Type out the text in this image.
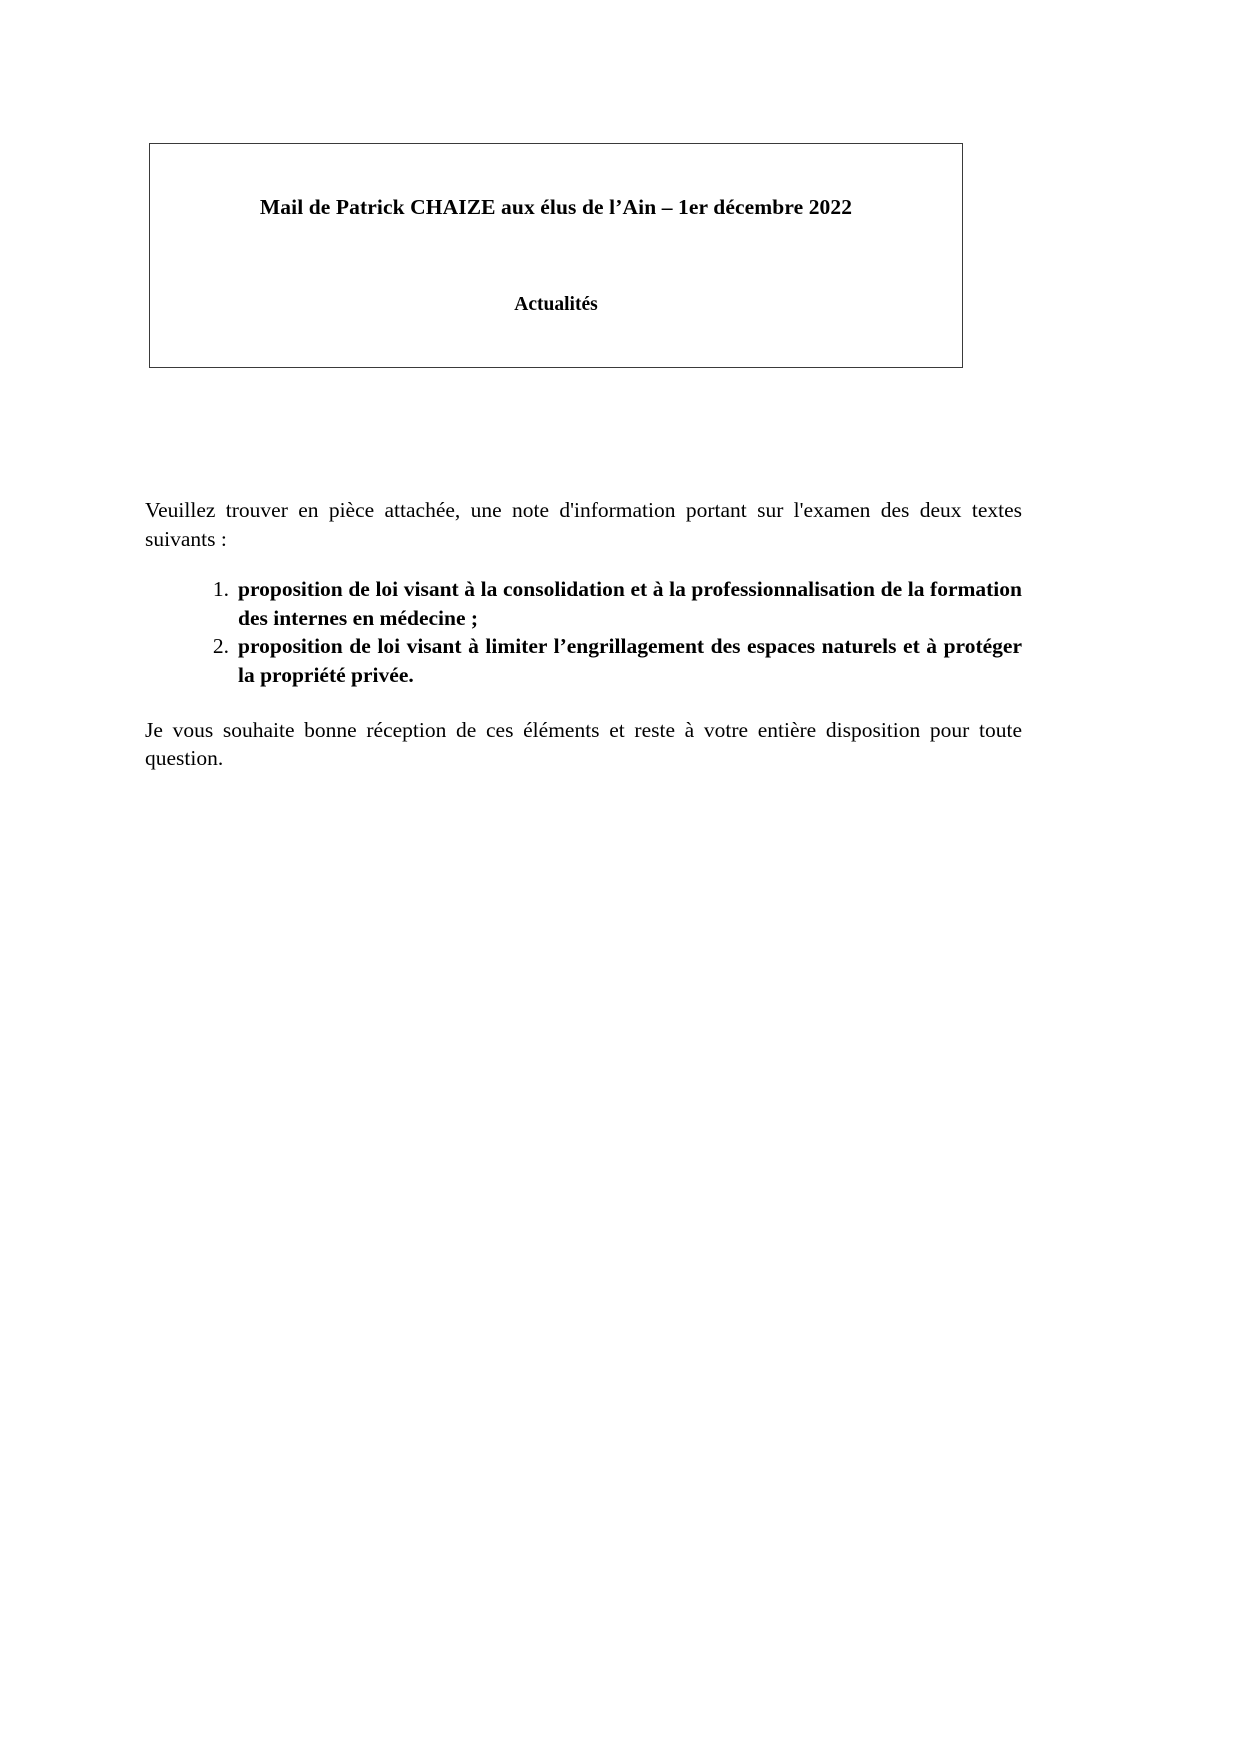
Mail de Patrick CHAIZE aux élus de l’Ain – 1er décembre 2022
Actualités

Veuillez trouver en pièce attachée, une note d'information portant sur l'examen des deux textes suivants :

proposition de loi visant à la consolidation et à la professionnalisation de la formation des internes en médecine ;
proposition de loi visant à limiter l’engrillagement des espaces naturels et à protéger la propriété privée.

Je vous souhaite bonne réception de ces éléments et reste à votre entière disposition pour toute question.
